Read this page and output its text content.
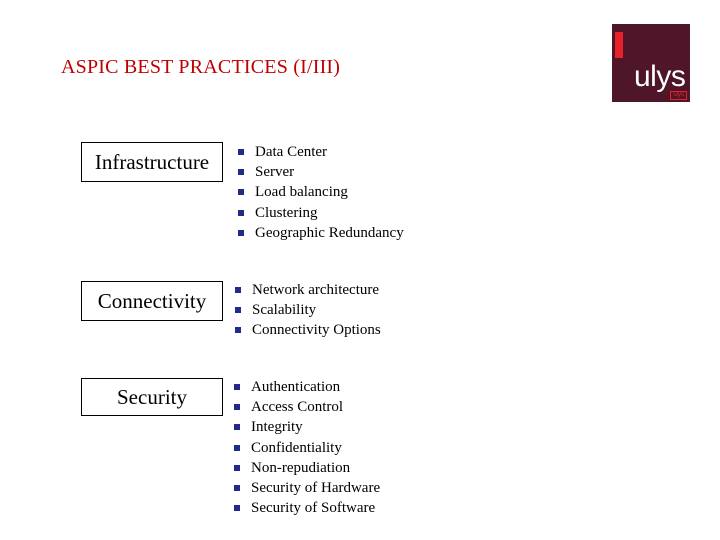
ASPIC BEST PRACTICES (I/III)	ulys
ulys
Infrastructure	Data Center
Server
Load balancing
Clustering
Geographic Redundancy
Connectivity	Network architecture
Scalability
Connectivity Options
Security	Authentication
Access Control
Integrity
Confidentiality
Non-repudiation
Security of Hardware
Security of Software
